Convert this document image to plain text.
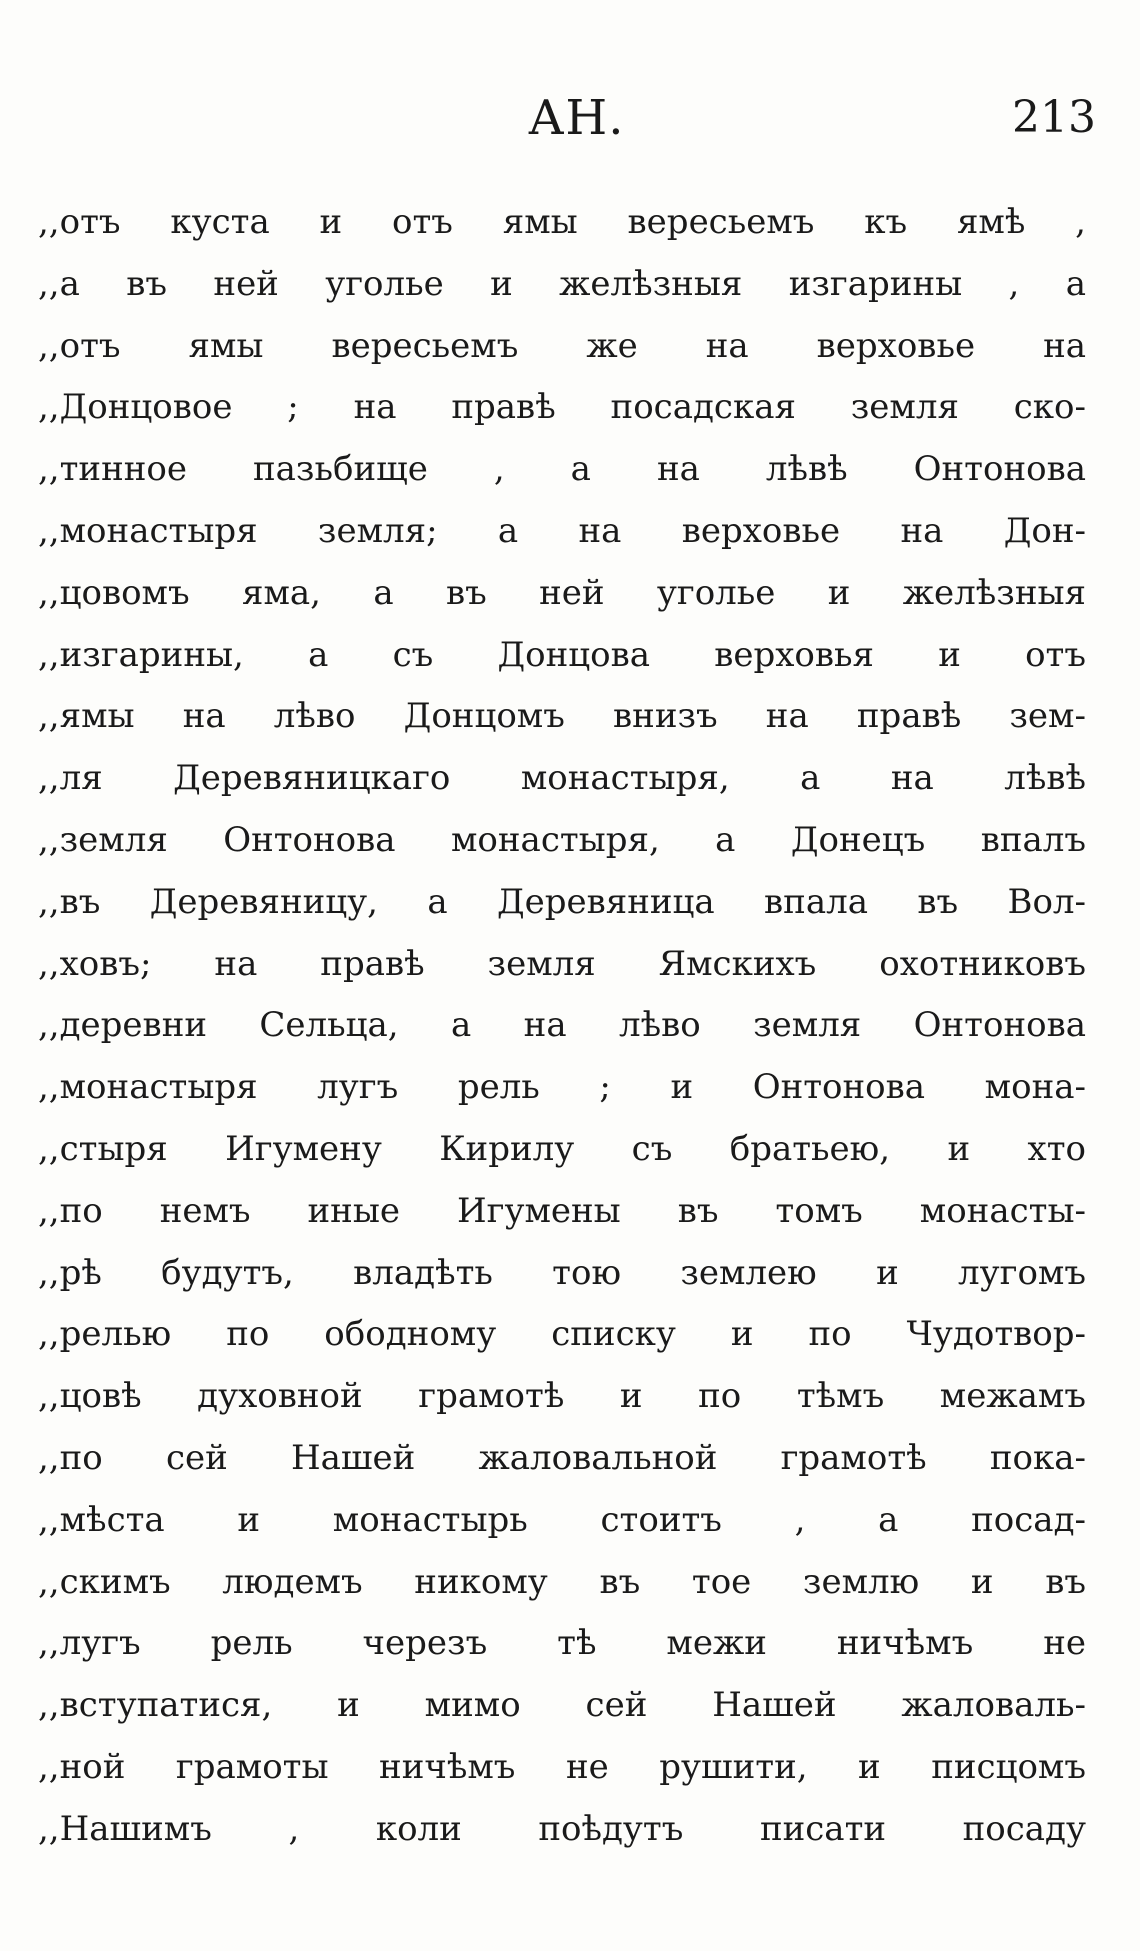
АН.	213
,,отъ куста и отъ ямы вересьемъ къ ямѣ ,
,,а въ ней уголье и желѣзныя изгарины , а
,,отъ ямы вересьемъ же на верховье на
,,Донцовое ; на правѣ посадская земля ско-
,,тинное пазьбище , а на лѣвѣ Онтонова
,,монастыря земля; а на верховье на Дон-
,,цовомъ яма, а въ ней уголье и желѣзныя
,,изгарины, а съ Донцова верховья и отъ
,,ямы на лѣво Донцомъ внизъ на правѣ зем-
,,ля Деревяницкаго монастыря, а на лѣвѣ
,,земля Онтонова монастыря, а Донецъ впалъ
,,въ Деревяницу, а Деревяница впала въ Вол-
,,ховъ; на правѣ земля Ямскихъ охотниковъ
,,деревни Сельца, а на лѣво земля Онтонова
,,монастыря лугъ рель ; и Онтонова мона-
,,стыря Игумену Кирилу съ братьею, и хто
,,по немъ иные Игумены въ томъ монасты-
,,рѣ будутъ, владѣть тою землею и лугомъ
,,релью по ободному списку и по Чудотвор-
,,цовѣ духовной грамотѣ и по тѣмъ межамъ
,,по сей Нашей жаловальной грамотѣ пока-
,,мѣста и монастырь стоитъ , а посад-
,,скимъ людемъ никому въ тое землю и въ
,,лугъ рель черезъ тѣ межи ничѣмъ не
,,вступатися, и мимо сей Нашей жаловаль-
,,ной грамоты ничѣмъ не рушити, и писцомъ
,,Нашимъ , коли поѣдутъ писати посаду
